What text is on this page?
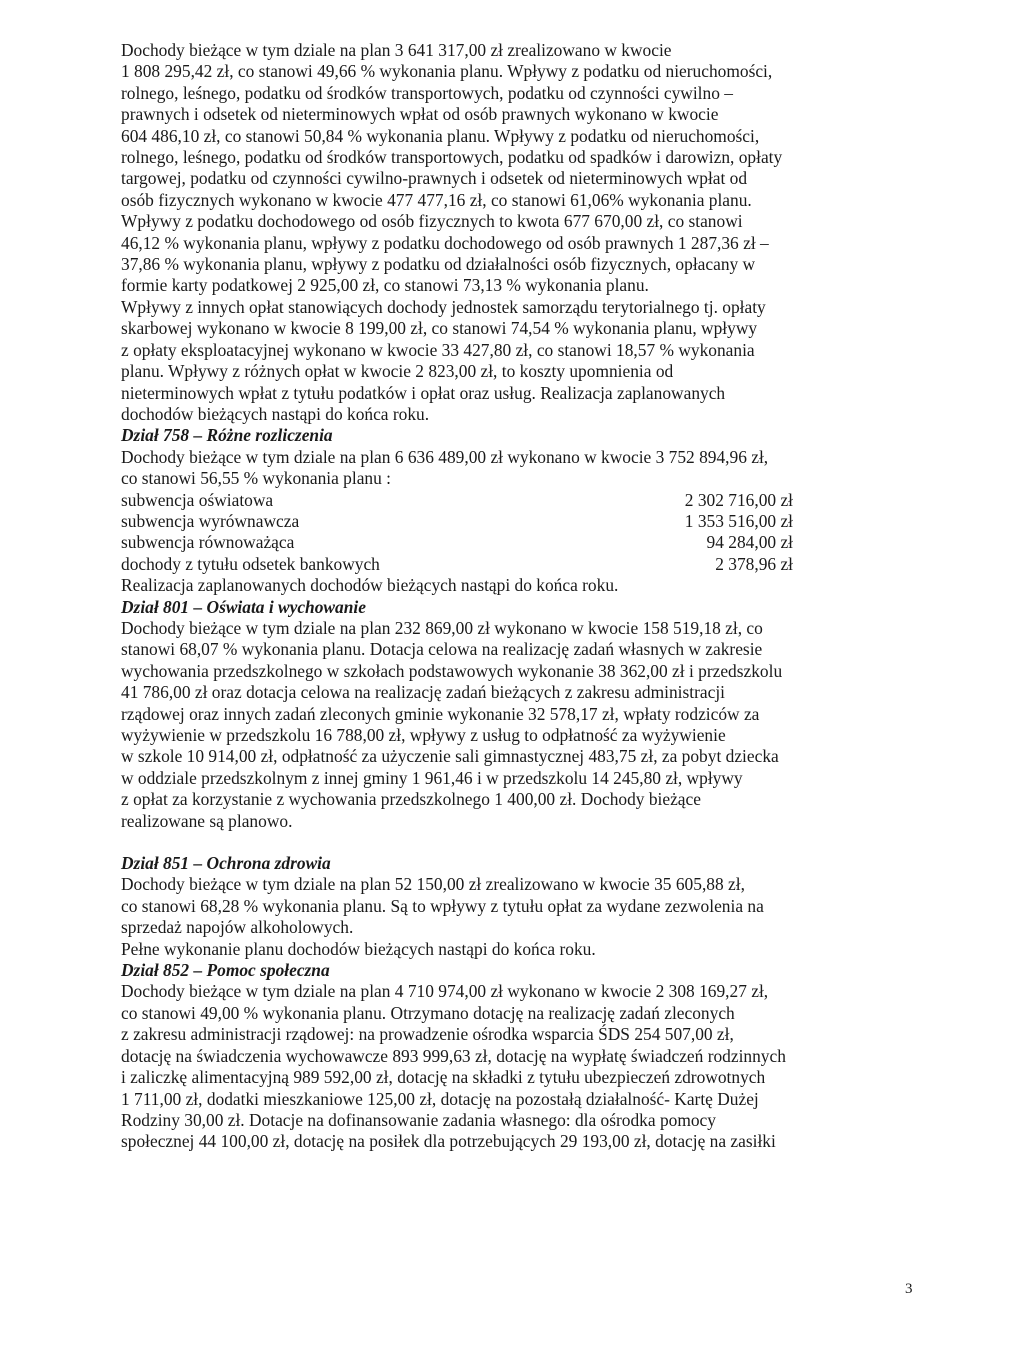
Dochody bieżące w tym dziale na plan 3 641 317,00 zł zrealizowano w kwocie

1 808 295,42 zł, co stanowi 49,66 % wykonania planu. Wpływy z podatku od nieruchomości,

rolnego, leśnego, podatku od środków transportowych, podatku od czynności cywilno –

prawnych i odsetek od nieterminowych wpłat od osób prawnych wykonano w kwocie

604 486,10 zł, co stanowi 50,84 % wykonania planu. Wpływy z podatku od nieruchomości,

rolnego, leśnego, podatku od środków transportowych, podatku od spadków i darowizn, opłaty

targowej, podatku od czynności cywilno-prawnych i odsetek od nieterminowych wpłat od

osób fizycznych wykonano w kwocie 477 477,16 zł, co stanowi 61,06% wykonania planu.

Wpływy z podatku dochodowego od osób fizycznych to kwota 677 670,00 zł, co stanowi

46,12 % wykonania planu, wpływy z podatku dochodowego od osób prawnych 1 287,36 zł –

37,86 % wykonania planu, wpływy z podatku od działalności osób fizycznych, opłacany w

formie karty podatkowej 2 925,00 zł, co stanowi 73,13 % wykonania planu.

Wpływy z innych opłat stanowiących dochody jednostek samorządu terytorialnego tj. opłaty

skarbowej wykonano w kwocie 8 199,00 zł, co stanowi 74,54 % wykonania planu, wpływy

z opłaty eksploatacyjnej wykonano w kwocie 33 427,80 zł, co stanowi 18,57 % wykonania

planu. Wpływy z różnych opłat w kwocie 2 823,00 zł, to koszty upomnienia od

nieterminowych wpłat z tytułu podatków i opłat oraz usług. Realizacja zaplanowanych

dochodów bieżących nastąpi do końca roku.

Dział 758 – Różne rozliczenia

Dochody bieżące w tym dziale na plan 6 636 489,00 zł wykonano w kwocie 3 752 894,96 zł,

co stanowi 56,55 % wykonania planu :

subwencja oświatowa	2 302 716,00 zł
subwencja wyrównawcza	1 353 516,00 zł
subwencja równoważąca	94 284,00 zł
dochody z tytułu odsetek bankowych	2 378,96 zł

Realizacja zaplanowanych dochodów bieżących nastąpi do końca roku.

Dział 801 – Oświata i wychowanie

Dochody bieżące w tym dziale na plan 232 869,00 zł wykonano w kwocie 158 519,18 zł, co

stanowi 68,07 % wykonania planu. Dotacja celowa na realizację zadań własnych w zakresie

wychowania przedszkolnego w szkołach podstawowych wykonanie 38 362,00 zł i przedszkolu

41 786,00 zł oraz dotacja celowa na realizację zadań bieżących z zakresu administracji

rządowej oraz innych zadań zleconych gminie wykonanie 32 578,17 zł, wpłaty rodziców za

wyżywienie w przedszkolu 16 788,00 zł, wpływy z usług to odpłatność za wyżywienie

w szkole 10 914,00 zł, odpłatność za użyczenie sali gimnastycznej 483,75 zł, za pobyt dziecka

w oddziale przedszkolnym z innej gminy 1 961,46 i w przedszkolu 14 245,80 zł, wpływy

z opłat za korzystanie z wychowania przedszkolnego 1 400,00 zł. Dochody bieżące

realizowane są planowo.

Dział 851 – Ochrona zdrowia

Dochody bieżące w tym dziale na plan 52 150,00 zł zrealizowano w kwocie 35 605,88 zł,

co stanowi 68,28 % wykonania planu. Są to wpływy z tytułu opłat za wydane zezwolenia na

sprzedaż napojów alkoholowych.

Pełne wykonanie planu dochodów bieżących nastąpi do końca roku.

Dział 852 – Pomoc społeczna

Dochody bieżące w tym dziale na plan 4 710 974,00 zł wykonano w kwocie 2 308 169,27 zł,

co stanowi 49,00 % wykonania planu. Otrzymano dotację na realizację zadań zleconych

z zakresu administracji rządowej: na prowadzenie ośrodka wsparcia ŚDS 254 507,00 zł,

dotację na świadczenia wychowawcze 893 999,63 zł, dotację na wypłatę świadczeń rodzinnych

i zaliczkę alimentacyjną 989 592,00 zł, dotację na składki z tytułu ubezpieczeń zdrowotnych

1 711,00 zł, dodatki mieszkaniowe 125,00 zł, dotację na pozostałą działalność- Kartę Dużej

Rodziny 30,00 zł. Dotacje na dofinansowanie zadania własnego: dla ośrodka pomocy

społecznej 44 100,00 zł, dotację na posiłek dla potrzebujących 29 193,00 zł, dotację na zasiłki

3
